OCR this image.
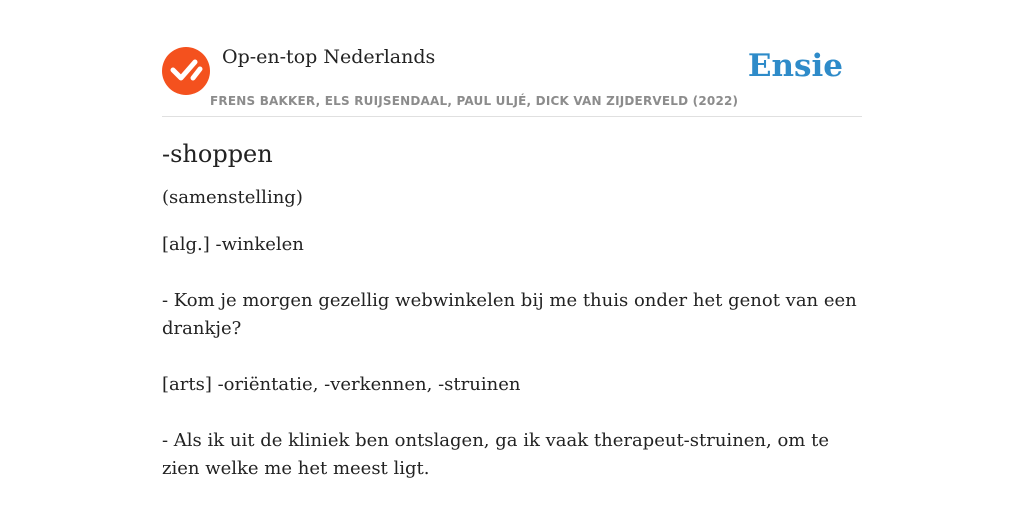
Op-en-top Nederlands
FRENS BAKKER, ELS RUIJSENDAAL, PAUL ULJÉ, DICK VAN ZIJDERVELD (2022)
Ensie
-shoppen

(samenstelling)

[alg.] -winkelen

- Kom je morgen gezellig webwinkelen bij me thuis onder het genot van een drankje?

[arts] -oriëntatie, -verkennen, -struinen

- Als ik uit de kliniek ben ontslagen, ga ik vaak therapeut-struinen, om te zien welke me het meest ligt.
